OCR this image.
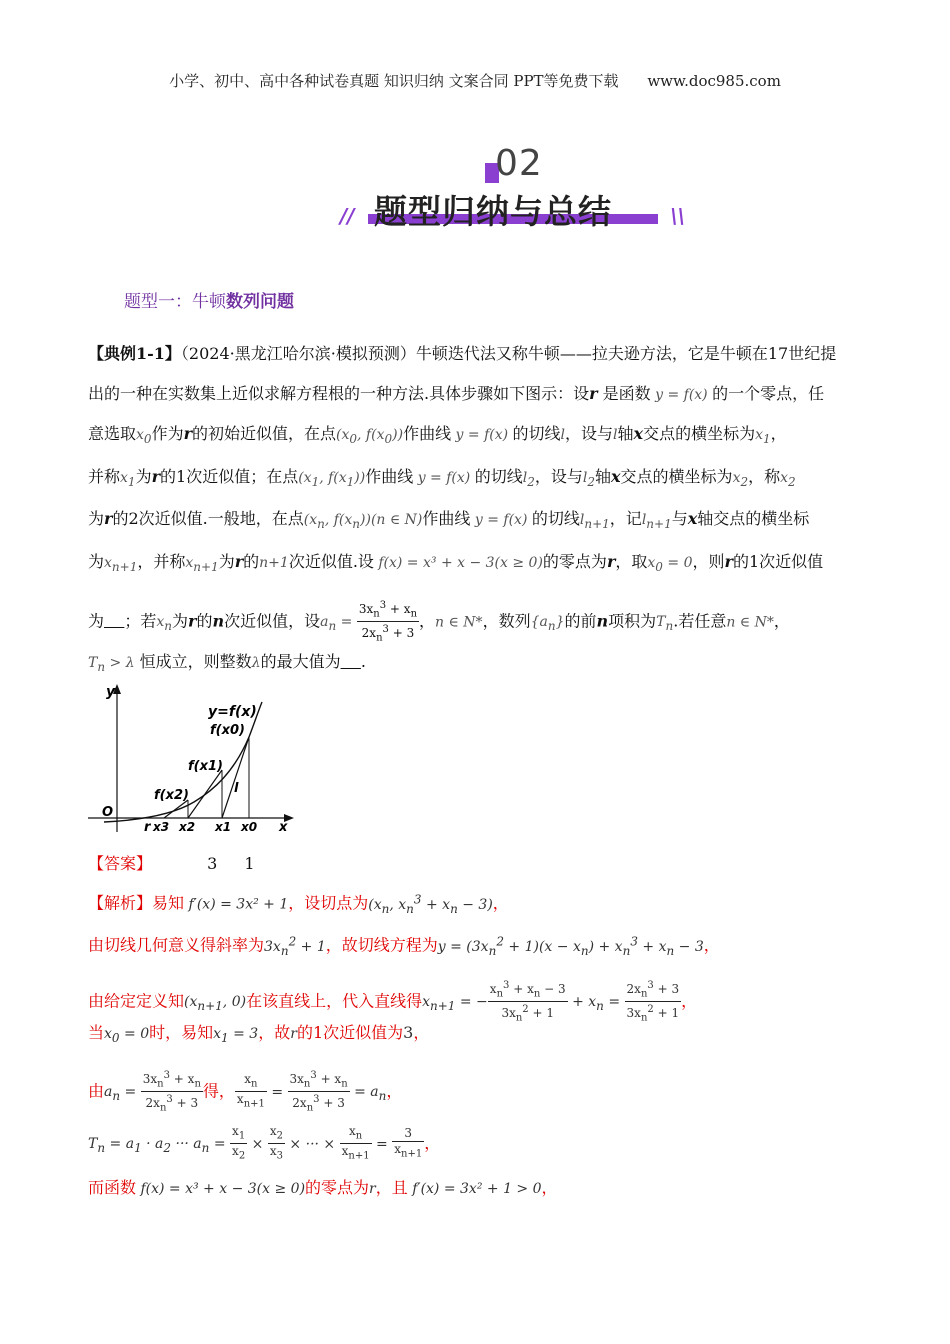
小学、初中、高中各种试卷真题 知识归纳 文案合同 PPT等免费下载 www.doc985.com
02
// 题型归纳与总结	\\
题型一：牛顿数列问题
【典例1-1】（2024·黑龙江哈尔滨·模拟预测）牛顿迭代法又称牛顿——拉夫逊方法，它是牛顿在17世纪提
出的一种在实数集上近似求解方程根的一种方法.具体步骤如下图示：设r 是函数 y = f(x) 的一个零点，任
意选取$x_0$作为r的初始近似值，在点($x_0$, $f(x_0)$)作曲线 y = f(x) 的切线l，设与l轴x交点的横坐标为$x_1$，
并称$x_1$为r的1次近似值；在点($x_1$, $f(x_1)$)作曲线 y = f(x) 的切线$l_2$，设与$l_2$轴x交点的横坐标为$x_2$，称$x_2$
为r的2次近似值.一般地，在点($x_n$, $f(x_n))(n$ ∈ N)作曲线 y = f(x) 的切线$l_{n+1}$，记$l_{n+1}$与x轴交点的横坐标
为$x_{n+1}$，并称$x_{n+1}$为r的n+1次近似值.设 f(x) = x³ + x − 3(x ≥ 0)的零点为r，取$x_0 = 0$，则r的1次近似值
为 ；若$x_n$为r的n次近似值，设$a_n = \frac{3x_n^3 + x_n}{2x_n^3 + 3}$ ，n ∈ N*，数列$\{a_n\}$的前n项积为$T_n$.若任意n ∈ N*，
$T_n > \lambda$ 恒成立，则整数λ的最大值为 .
y
y=f(x)
f(x0)
f(x1)
f(x2)
O
r x3 x2 x1 x0 x
l
【答案】	3 1
【解析】易知 f′(x) = 3x² + 1，设切点为($x_n$, $x_n^3 + x_n - 3$)，
由切线几何意义得斜率为$3x_n^2 + 1$，故切线方程为$y = (3x_n^2 + 1)(x - x_n) + x_n^3 + x_n - 3$，
由给定定义知($x_{n+1}$, 0)在该直线上，代入直线得$x_{n+1}$ = − $\frac{x_n^3 + x_n - 3}{3x_n^2 + 1} + x_n = \frac{2x_n^3 + 3}{3x_n^2 + 1}$ ，
当$x_0 = 0$时，易知$x_1 = 3$，故r的1次近似值为3，
由$a_n = \frac{3x_n^3 + x_n}{2x_n^3 + 3}$ 得， $\frac{x_n}{x_{n+1}} = \frac{3x_n^3 + x_n}{2x_n^3 + 3} = a_n$，
$T_n = a_1 \cdot a_2$ ··· $a_n = \frac{x_1}{x_2} \times \frac{x_2}{x_3}$ × ··· × $\frac{x_n}{x_{n+1}} = \frac{3}{x_{n+1}}$ ，
而函数 f(x) = x³ + x − 3(x ≥ 0)的零点为r，且 f′(x) = 3x² + 1 > 0，
